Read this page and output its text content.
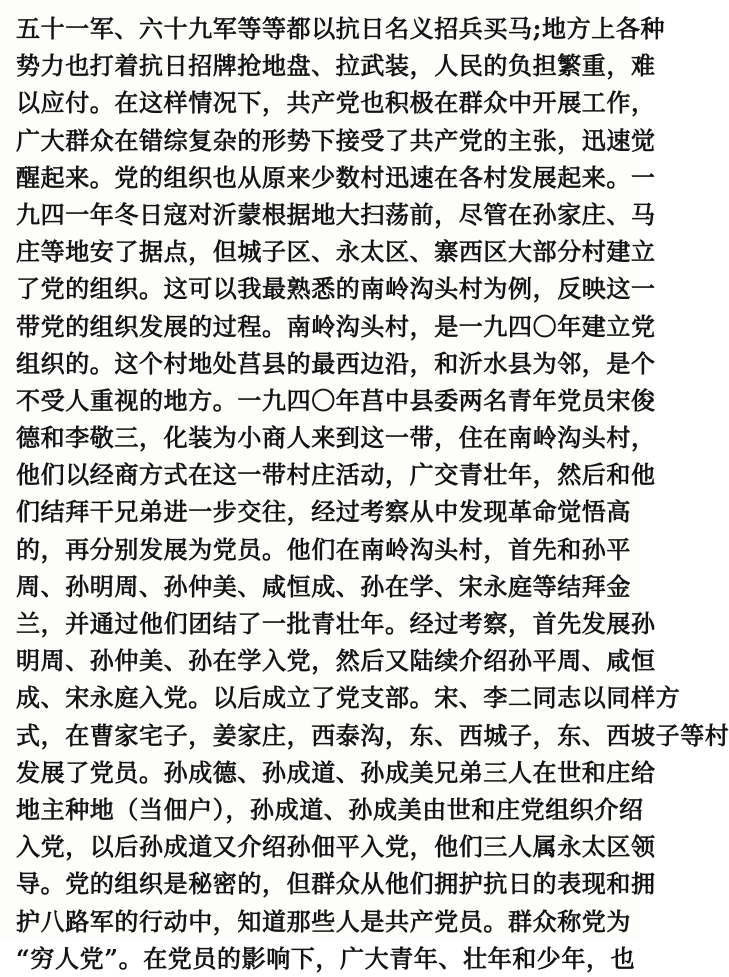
五十一军、六十九军等等都以抗日名义招兵买马;地方上各种
势力也打着抗日招牌抢地盘、拉武装，人民的负担繁重，难
以应付。在这样情况下，共产党也积极在群众中开展工作，
广大群众在错综复杂的形势下接受了共产党的主张，迅速觉
醒起来。党的组织也从原来少数村迅速在各村发展起来。一
九四一年冬日寇对沂蒙根据地大扫荡前，尽管在孙家庄、马
庄等地安了据点，但城子区、永太区、寨西区大部分村建立
了党的组织。这可以我最熟悉的南岭沟头村为例，反映这一
带党的组织发展的过程。南岭沟头村，是一九四〇年建立党
组织的。这个村地处莒县的最西边沿，和沂水县为邻，是个
不受人重视的地方。一九四〇年莒中县委两名青年党员宋俊
德和李敬三，化装为小商人来到这一带，住在南岭沟头村，
他们以经商方式在这一带村庄活动，广交青壮年，然后和他
们结拜干兄弟进一步交往，经过考察从中发现革命觉悟高
的，再分别发展为党员。他们在南岭沟头村，首先和孙平
周、孙明周、孙仲美、咸恒成、孙在学、宋永庭等结拜金
兰，并通过他们团结了一批青壮年。经过考察，首先发展孙
明周、孙仲美、孙在学入党，然后又陆续介绍孙平周、咸恒
成、宋永庭入党。以后成立了党支部。宋、李二同志以同样方
式，在曹家宅子，姜家庄，西泰沟，东、西城子，东、西坡子等村
发展了党员。孙成德、孙成道、孙成美兄弟三人在世和庄给
地主种地（当佃户），孙成道、孙成美由世和庄党组织介绍
入党，以后孙成道又介绍孙佃平入党，他们三人属永太区领
导。党的组织是秘密的，但群众从他们拥护抗日的表现和拥
护八路军的行动中，知道那些人是共产党员。群众称党为
“穷人党”。在党员的影响下，广大青年、壮年和少年，也
